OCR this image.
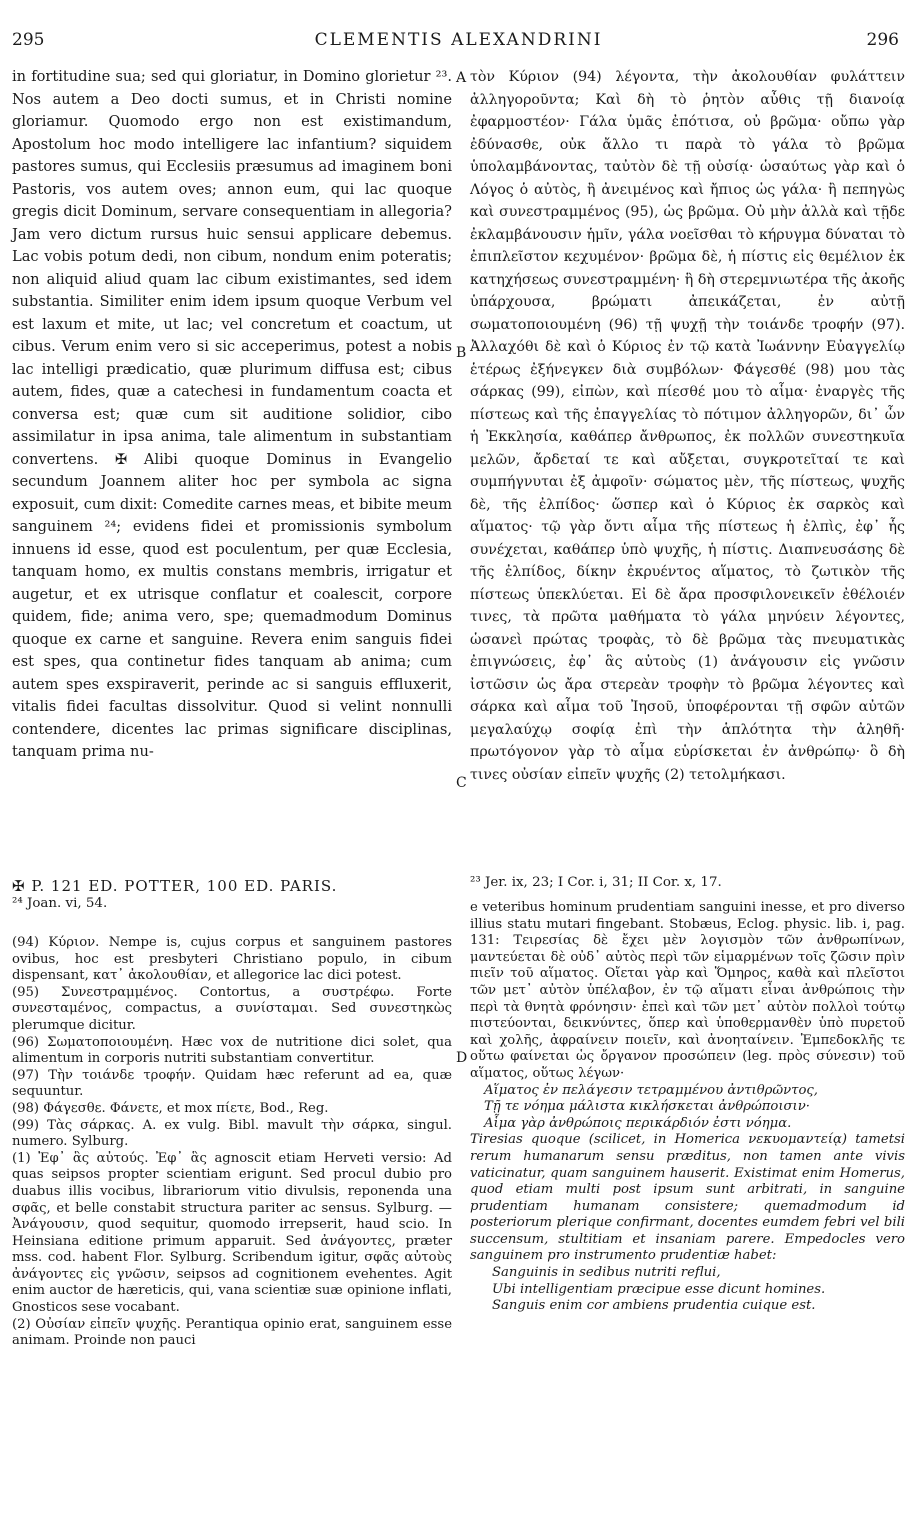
295	CLEMENTIS ALEXANDRINI	296
A
B
C
D

in fortitudine sua; sed qui gloriatur, in Domino glorietur ²³. Nos autem a Deo docti sumus, et in Christi nomine gloriamur. Quomodo ergo non est existimandum, Apostolum hoc modo intelligere lac infantium? siquidem pastores sumus, qui Ecclesiis præsumus ad imaginem boni Pastoris, vos autem oves; annon eum, qui lac quoque gregis dicit Dominum, servare consequentiam in allegoria? Jam vero dictum rursus huic sensui applicare debemus. Lac vobis potum dedi, non cibum, nondum enim poteratis; non aliquid aliud quam lac cibum existimantes, sed idem substantia. Similiter enim idem ipsum quoque Verbum vel est laxum et mite, ut lac; vel concretum et coactum, ut cibus. Verum enim vero si sic acceperimus, potest a nobis lac intelligi prædicatio, quæ plurimum diffusa est; cibus autem, fides, quæ a catechesi in fundamentum coacta et conversa est; quæ cum sit auditione solidior, cibo assimilatur in ipsa anima, tale alimentum in substantiam convertens. ✠ Alibi quoque Dominus in Evangelio secundum Joannem aliter hoc per symbola ac signa exposuit, cum dixit: Comedite carnes meas, et bibite meum sanguinem ²⁴; evidens fidei et promissionis symbolum innuens id esse, quod est poculentum, per quæ Ecclesia, tanquam homo, ex multis constans membris, irrigatur et augetur, et ex utrisque conflatur et coalescit, corpore quidem, fide; anima vero, spe; quemadmodum Dominus quoque ex carne et sanguine. Revera enim sanguis fidei est spes, qua continetur fides tanquam ab anima; cum autem spes exspiraverit, perinde ac si sanguis effluxerit, vitalis fidei facultas dissolvitur. Quod si velint nonnulli contendere, dicentes lac primas significare disciplinas, tanquam prima nu-

τὸν Κύριον (94) λέγοντα, τὴν ἀκολουθίαν φυλάττειν ἀλληγοροῦντα; Καὶ δὴ τὸ ῥητὸν αὖθις τῇ διανοίᾳ ἐφαρμοστέον· Γάλα ὑμᾶς ἐπότισα, οὐ βρῶμα· οὔπω γὰρ ἐδύνασθε, οὐκ ἄλλο τι παρὰ τὸ γάλα τὸ βρῶμα ὑπολαμβάνοντας, ταὐτὸν δὲ τῇ οὐσίᾳ· ὡσαύτως γὰρ καὶ ὁ Λόγος ὁ αὐτὸς, ἢ ἀνειμένος καὶ ἤπιος ὡς γάλα· ἢ πεπηγὼς καὶ συνεστραμμένος (95), ὡς βρῶμα. Οὐ μὴν ἀλλὰ καὶ τῇδε ἐκλαμβάνουσιν ἡμῖν, γάλα νοεῖσθαι τὸ κήρυγμα δύναται τὸ ἐπιπλεῖστον κεχυμένον· βρῶμα δὲ, ἡ πίστις εἰς θεμέλιον ἐκ κατηχήσεως συνεστραμμένη· ἣ δὴ στερεμνιωτέρα τῆς ἀκοῆς ὑπάρχουσα, βρώματι ἀπεικάζεται, ἐν αὐτῇ σωματοποιουμένη (96) τῇ ψυχῇ τὴν τοιάνδε τροφήν (97). Ἀλλαχόθι δὲ καὶ ὁ Κύριος ἐν τῷ κατὰ Ἰωάννην Εὐαγγελίῳ ἑτέρως ἐξήνεγκεν διὰ συμβόλων· Φάγεσθέ (98) μου τὰς σάρκας (99), εἰπὼν, καὶ πίεσθέ μου τὸ αἷμα· ἐναργὲς τῆς πίστεως καὶ τῆς ἐπαγγελίας τὸ πότιμον ἀλληγορῶν, δι᾽ ὧν ἡ Ἐκκλησία, καθάπερ ἄνθρωπος, ἐκ πολλῶν συνεστηκυῖα μελῶν, ἄρδεταί τε καὶ αὔξεται, συγκροτεῖταί τε καὶ συμπήγνυται ἐξ ἀμφοῖν· σώματος μὲν, τῆς πίστεως, ψυχῆς δὲ, τῆς ἐλπίδος· ὥσπερ καὶ ὁ Κύριος ἐκ σαρκὸς καὶ αἵματος· τῷ γὰρ ὄντι αἷμα τῆς πίστεως ἡ ἐλπὶς, ἐφ᾽ ἧς συνέχεται, καθάπερ ὑπὸ ψυχῆς, ἡ πίστις. Διαπνευσάσης δὲ τῆς ἐλπίδος, δίκην ἐκρυέντος αἵματος, τὸ ζωτικὸν τῆς πίστεως ὑπεκλύεται. Εἰ δὲ ἄρα προσφιλονεικεῖν ἐθέλοιέν τινες, τὰ πρῶτα μαθήματα τὸ γάλα μηνύειν λέγοντες, ὡσανεὶ πρώτας τροφὰς, τὸ δὲ βρῶμα τὰς πνευματικὰς ἐπιγνώσεις, ἐφ᾽ ἃς αὐτοὺς (1) ἀνάγουσιν εἰς γνῶσιν ἰστῶσιν ὡς ἄρα στερεὰν τροφὴν τὸ βρῶμα λέγοντες καὶ σάρκα καὶ αἷμα τοῦ Ἰησοῦ, ὑποφέρονται τῇ σφῶν αὐτῶν μεγαλαύχῳ σοφίᾳ ἐπὶ τὴν ἁπλότητα τὴν ἀληθῆ· πρωτόγονον γὰρ τὸ αἷμα εὑρίσκεται ἐν ἀνθρώπῳ· ὃ δὴ τινες οὐσίαν εἰπεῖν ψυχῆς (2) τετολμήκασι.

✠ P. 121 ED. POTTER, 100 ED. PARIS.

²⁴ Joan. vi, 54.

²³ Jer. ix, 23; I Cor. i, 31; II Cor. x, 17.

(94) Κύριον. Nempe is, cujus corpus et sanguinem pastores ovibus, hoc est presbyteri Christiano populo, in cibum dispensant, κατ᾽ ἀκολουθίαν, et allegorice lac dici potest.

(95) Συνεστραμμένος. Contortus, a συστρέφω. Forte συνεσταμένος, compactus, a συνίσταμαι. Sed συνεστηκὼς plerumque dicitur.

(96) Σωματοποιουμένη. Hæc vox de nutritione dici solet, qua alimentum in corporis nutriti substantiam convertitur.

(97) Τὴν τοιάνδε τροφήν. Quidam hæc referunt ad ea, quæ sequuntur.

(98) Φάγεσθε. Φάνετε, et mox πίετε, Bod., Reg.

(99) Τὰς σάρκας. A. ex vulg. Bibl. mavult τὴν σάρκα, singul. numero. Sylburg.

(1) Ἐφ᾽ ἃς αὐτούς. Ἐφ᾽ ἃς agnoscit etiam Herveti versio: Ad quas seipsos propter scientiam erigunt. Sed procul dubio pro duabus illis vocibus, librariorum vitio divulsis, reponenda una σφᾶς, et belle constabit structura pariter ac sensus. Sylburg. — Ἀνάγουσιν, quod sequitur, quomodo irrepserit, haud scio. In Heinsiana editione primum apparuit. Sed ἀνάγοντες, præter mss. cod. habent Flor. Sylburg. Scribendum igitur, σφᾶς αὐτοὺς ἀνάγοντες εἰς γνῶσιν, seipsos ad cognitionem evehentes. Agit enim auctor de hæreticis, qui, vana scientiæ suæ opinione inflati, Gnosticos sese vocabant.

(2) Οὐσίαν εἰπεῖν ψυχῆς. Perantiqua opinio erat, sanguinem esse animam. Proinde non pauci

e veteribus hominum prudentiam sanguini inesse, et pro diverso illius statu mutari fingebant. Stobæus, Eclog. physic. lib. i, pag. 131: Τειρεσίας δὲ ἔχει μὲν λογισμὸν τῶν ἀνθρωπίνων, μαντεύεται δὲ οὐδ᾽ αὐτὸς περὶ τῶν εἱμαρμένων τοῖς ζῶσιν πρὶν πιεῖν τοῦ αἵματος. Οἴεται γὰρ καὶ Ὅμηρος, καθὰ καὶ πλεῖστοι τῶν μετ᾽ αὐτὸν ὑπέλαβον, ἐν τῷ αἵματι εἶναι ἀνθρώποις τὴν περὶ τὰ θνητὰ φρόνησιν· ἐπεὶ καὶ τῶν μετ᾽ αὐτὸν πολλοὶ τούτῳ πιστεύονται, δεικνύντες, ὅπερ καὶ ὑποθερμανθὲν ὑπὸ πυρετοῦ καὶ χολῆς, ἀφραίνειν ποιεῖν, καὶ ἀνοηταίνειν. Ἐμπεδοκλῆς τε οὕτω φαίνεται ὡς ὄργανον προσώπειν (leg. πρὸς σύνεσιν) τοῦ αἵματος, οὕτως λέγων·

Αἵματος ἐν πελάγεσιν τετραμμένου ἀντιθρῶντος,

Τῇ τε νόημα μάλιστα κικλήσκεται ἀνθρώποισιν·

Αἷμα γὰρ ἀνθρώποις περικάρδιόν ἐστι νόημα.

Tiresias quoque (scilicet, in Homerica νεκυομαντείᾳ) tametsi rerum humanarum sensu præditus, non tamen ante vivis vaticinatur, quam sanguinem hauserit. Existimat enim Homerus, quod etiam multi post ipsum sunt arbitrati, in sanguine prudentiam humanam consistere; quemadmodum id posteriorum plerique confirmant, docentes eumdem febri vel bili succensum, stultitiam et insaniam parere. Empedocles vero sanguinem pro instrumento prudentiæ habet:

Sanguinis in sedibus nutriti reflui,

Ubi intelligentiam præcipue esse dicunt homines.

Sanguis enim cor ambiens prudentia cuique est.
